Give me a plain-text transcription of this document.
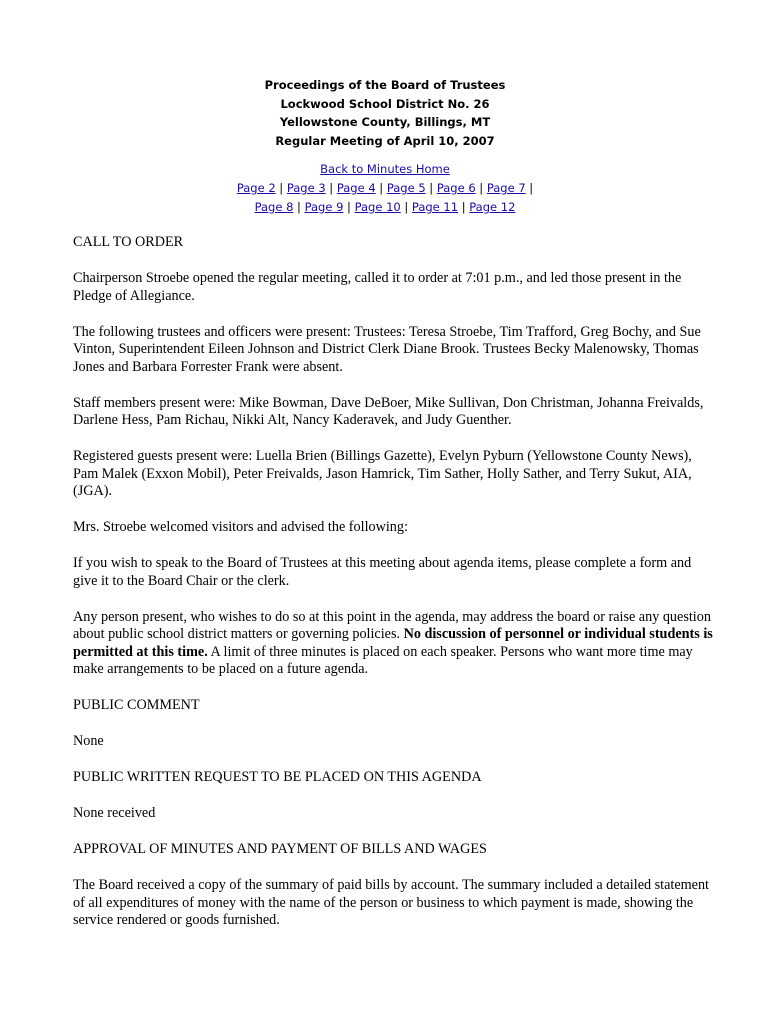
Proceedings of the Board of Trustees
Lockwood School District No. 26
Yellowstone County, Billings, MT
Regular Meeting of April 10, 2007
Back to Minutes Home
Page 2 | Page 3 | Page 4 | Page 5 | Page 6 | Page 7 |
Page 8 | Page 9 | Page 10 | Page 11 | Page 12

CALL TO ORDER

Chairperson Stroebe opened the regular meeting, called it to order at 7:01 p.m., and led those present in the Pledge of Allegiance.

The following trustees and officers were present: Trustees: Teresa Stroebe, Tim Trafford, Greg Bochy, and Sue Vinton, Superintendent Eileen Johnson and District Clerk Diane Brook. Trustees Becky Malenowsky, Thomas Jones and Barbara Forrester Frank were absent.

Staff members present were: Mike Bowman, Dave DeBoer, Mike Sullivan, Don Christman, Johanna Freivalds, Darlene Hess, Pam Richau, Nikki Alt, Nancy Kaderavek, and Judy Guenther.

Registered guests present were: Luella Brien (Billings Gazette), Evelyn Pyburn (Yellowstone County News), Pam Malek (Exxon Mobil), Peter Freivalds, Jason Hamrick, Tim Sather, Holly Sather, and Terry Sukut, AIA, (JGA).

Mrs. Stroebe welcomed visitors and advised the following:

If you wish to speak to the Board of Trustees at this meeting about agenda items, please complete a form and give it to the Board Chair or the clerk.

Any person present, who wishes to do so at this point in the agenda, may address the board or raise any question about public school district matters or governing policies. No discussion of personnel or individual students is permitted at this time. A limit of three minutes is placed on each speaker. Persons who want more time may make arrangements to be placed on a future agenda.

PUBLIC COMMENT

None

PUBLIC WRITTEN REQUEST TO BE PLACED ON THIS AGENDA

None received

APPROVAL OF MINUTES AND PAYMENT OF BILLS AND WAGES

The Board received a copy of the summary of paid bills by account. The summary included a detailed statement of all expenditures of money with the name of the person or business to which payment is made, showing the service rendered or goods furnished.
